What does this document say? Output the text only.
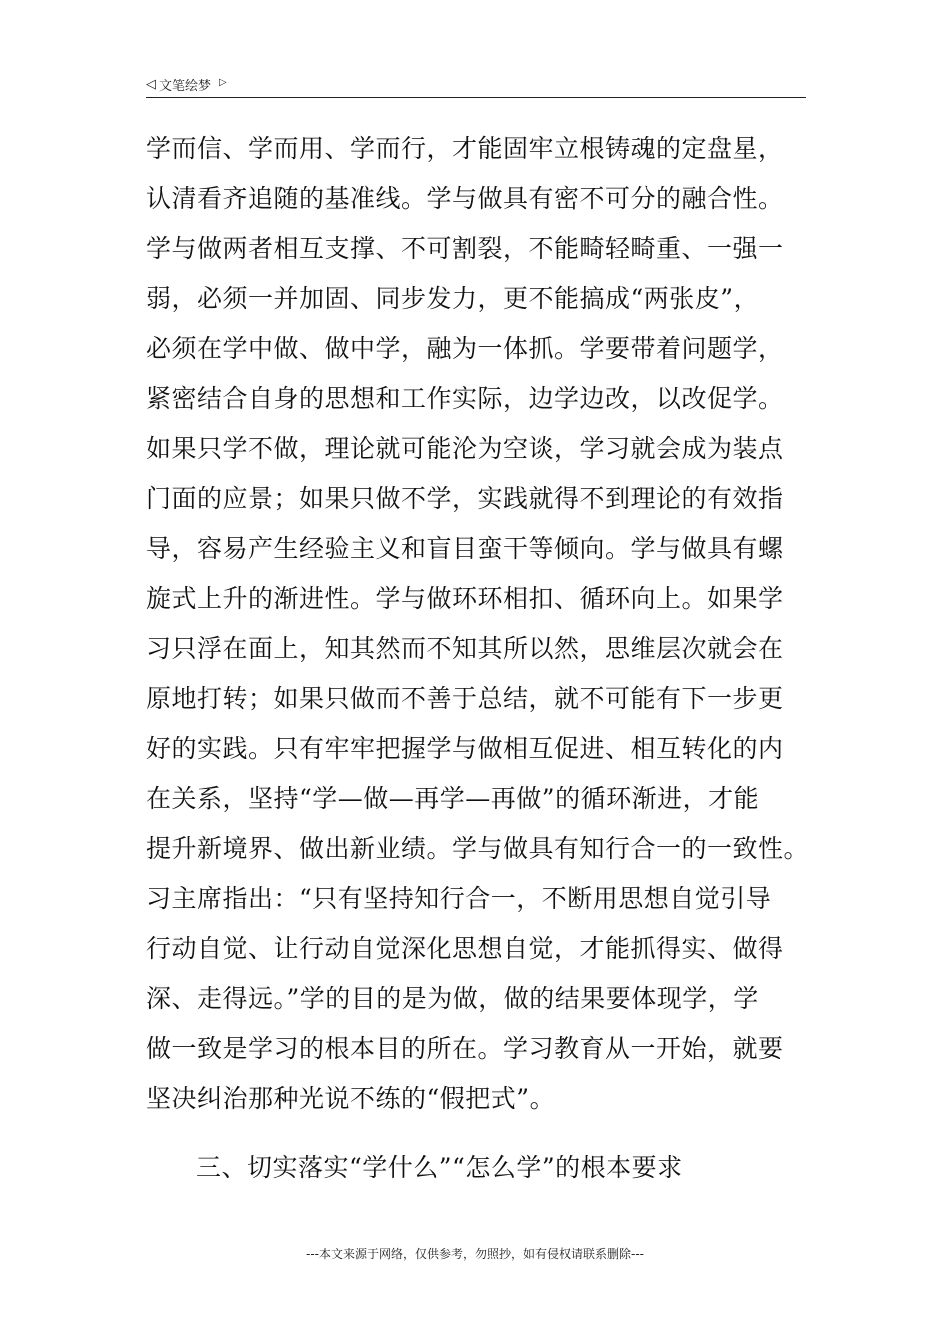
◁ 文笔绘梦 ▷
学而信、学而用、学而行，才能固牢立根铸魂的定盘星，
认清看齐追随的基准线。学与做具有密不可分的融合性。
学与做两者相互支撑、不可割裂，不能畸轻畸重、一强一
弱，必须一并加固、同步发力，更不能搞成“两张皮”，
必须在学中做、做中学，融为一体抓。学要带着问题学，
紧密结合自身的思想和工作实际，边学边改，以改促学。
如果只学不做，理论就可能沦为空谈，学习就会成为装点
门面的应景；如果只做不学，实践就得不到理论的有效指
导，容易产生经验主义和盲目蛮干等倾向。学与做具有螺
旋式上升的渐进性。学与做环环相扣、循环向上。如果学
习只浮在面上，知其然而不知其所以然，思维层次就会在
原地打转；如果只做而不善于总结，就不可能有下一步更
好的实践。只有牢牢把握学与做相互促进、相互转化的内
在关系，坚持“学—做—再学—再做”的循环渐进，才能
提升新境界、做出新业绩。学与做具有知行合一的一致性。
习主席指出：“只有坚持知行合一，不断用思想自觉引导
行动自觉、让行动自觉深化思想自觉，才能抓得实、做得
深、走得远。”学的目的是为做，做的结果要体现学，学
做一致是学习的根本目的所在。学习教育从一开始，就要
坚决纠治那种光说不练的“假把式”。
三、切实落实“学什么”“怎么学”的根本要求
---本文来源于网络，仅供参考，勿照抄，如有侵权请联系删除---
